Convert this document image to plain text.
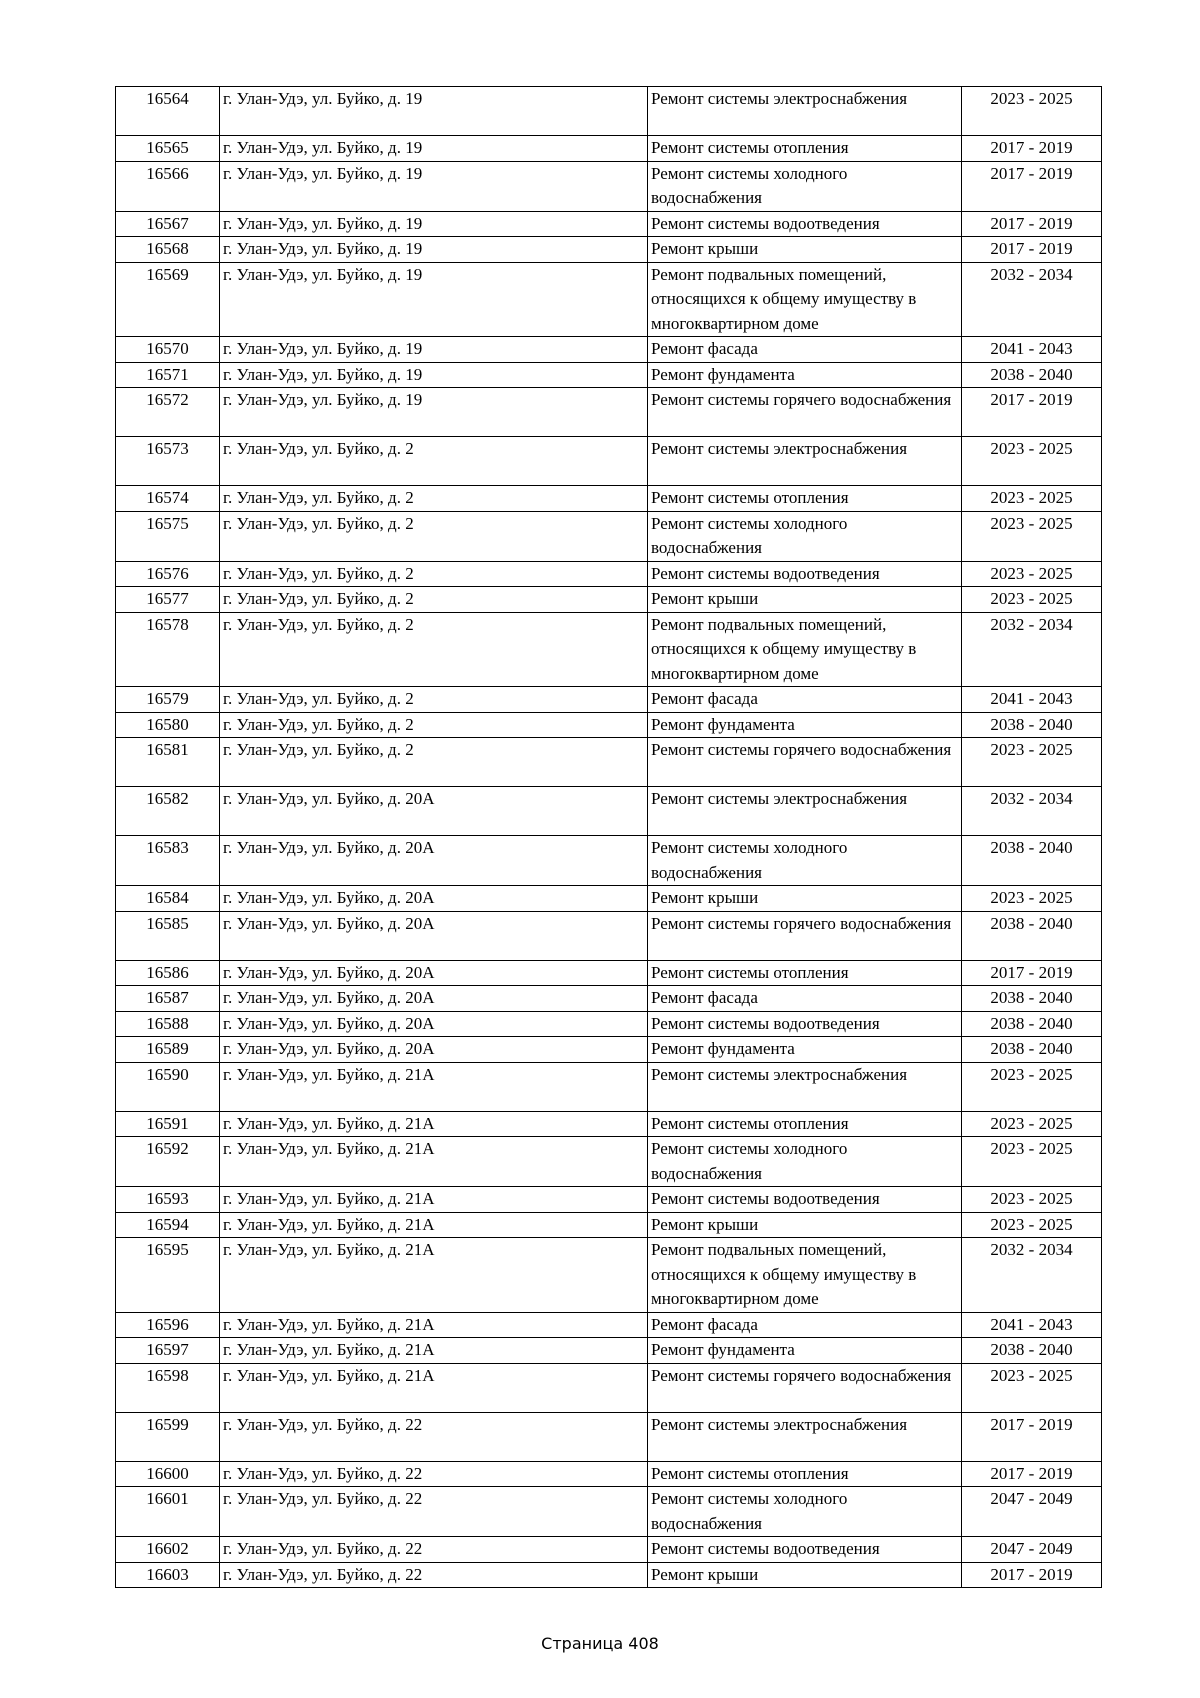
16564	г. Улан-Удэ, ул. Буйко, д. 19	Ремонт системы электроснабжения	2023 - 2025
16565	г. Улан-Удэ, ул. Буйко, д. 19	Ремонт системы отопления	2017 - 2019
16566	г. Улан-Удэ, ул. Буйко, д. 19	Ремонт системы холодного водоснабжения	2017 - 2019
16567	г. Улан-Удэ, ул. Буйко, д. 19	Ремонт системы водоотведения	2017 - 2019
16568	г. Улан-Удэ, ул. Буйко, д. 19	Ремонт крыши	2017 - 2019
16569	г. Улан-Удэ, ул. Буйко, д. 19	Ремонт подвальных помещений, относящихся к общему имуществу в многоквартирном доме	2032 - 2034
16570	г. Улан-Удэ, ул. Буйко, д. 19	Ремонт фасада	2041 - 2043
16571	г. Улан-Удэ, ул. Буйко, д. 19	Ремонт фундамента	2038 - 2040
16572	г. Улан-Удэ, ул. Буйко, д. 19	Ремонт системы горячего водоснабжения	2017 - 2019
16573	г. Улан-Удэ, ул. Буйко, д. 2	Ремонт системы электроснабжения	2023 - 2025
16574	г. Улан-Удэ, ул. Буйко, д. 2	Ремонт системы отопления	2023 - 2025
16575	г. Улан-Удэ, ул. Буйко, д. 2	Ремонт системы холодного водоснабжения	2023 - 2025
16576	г. Улан-Удэ, ул. Буйко, д. 2	Ремонт системы водоотведения	2023 - 2025
16577	г. Улан-Удэ, ул. Буйко, д. 2	Ремонт крыши	2023 - 2025
16578	г. Улан-Удэ, ул. Буйко, д. 2	Ремонт подвальных помещений, относящихся к общему имуществу в многоквартирном доме	2032 - 2034
16579	г. Улан-Удэ, ул. Буйко, д. 2	Ремонт фасада	2041 - 2043
16580	г. Улан-Удэ, ул. Буйко, д. 2	Ремонт фундамента	2038 - 2040
16581	г. Улан-Удэ, ул. Буйко, д. 2	Ремонт системы горячего водоснабжения	2023 - 2025
16582	г. Улан-Удэ, ул. Буйко, д. 20А	Ремонт системы электроснабжения	2032 - 2034
16583	г. Улан-Удэ, ул. Буйко, д. 20А	Ремонт системы холодного водоснабжения	2038 - 2040
16584	г. Улан-Удэ, ул. Буйко, д. 20А	Ремонт крыши	2023 - 2025
16585	г. Улан-Удэ, ул. Буйко, д. 20А	Ремонт системы горячего водоснабжения	2038 - 2040
16586	г. Улан-Удэ, ул. Буйко, д. 20А	Ремонт системы отопления	2017 - 2019
16587	г. Улан-Удэ, ул. Буйко, д. 20А	Ремонт фасада	2038 - 2040
16588	г. Улан-Удэ, ул. Буйко, д. 20А	Ремонт системы водоотведения	2038 - 2040
16589	г. Улан-Удэ, ул. Буйко, д. 20А	Ремонт фундамента	2038 - 2040
16590	г. Улан-Удэ, ул. Буйко, д. 21А	Ремонт системы электроснабжения	2023 - 2025
16591	г. Улан-Удэ, ул. Буйко, д. 21А	Ремонт системы отопления	2023 - 2025
16592	г. Улан-Удэ, ул. Буйко, д. 21А	Ремонт системы холодного водоснабжения	2023 - 2025
16593	г. Улан-Удэ, ул. Буйко, д. 21А	Ремонт системы водоотведения	2023 - 2025
16594	г. Улан-Удэ, ул. Буйко, д. 21А	Ремонт крыши	2023 - 2025
16595	г. Улан-Удэ, ул. Буйко, д. 21А	Ремонт подвальных помещений, относящихся к общему имуществу в многоквартирном доме	2032 - 2034
16596	г. Улан-Удэ, ул. Буйко, д. 21А	Ремонт фасада	2041 - 2043
16597	г. Улан-Удэ, ул. Буйко, д. 21А	Ремонт фундамента	2038 - 2040
16598	г. Улан-Удэ, ул. Буйко, д. 21А	Ремонт системы горячего водоснабжения	2023 - 2025
16599	г. Улан-Удэ, ул. Буйко, д. 22	Ремонт системы электроснабжения	2017 - 2019
16600	г. Улан-Удэ, ул. Буйко, д. 22	Ремонт системы отопления	2017 - 2019
16601	г. Улан-Удэ, ул. Буйко, д. 22	Ремонт системы холодного водоснабжения	2047 - 2049
16602	г. Улан-Удэ, ул. Буйко, д. 22	Ремонт системы водоотведения	2047 - 2049
16603	г. Улан-Удэ, ул. Буйко, д. 22	Ремонт крыши	2017 - 2019
Страница 408
